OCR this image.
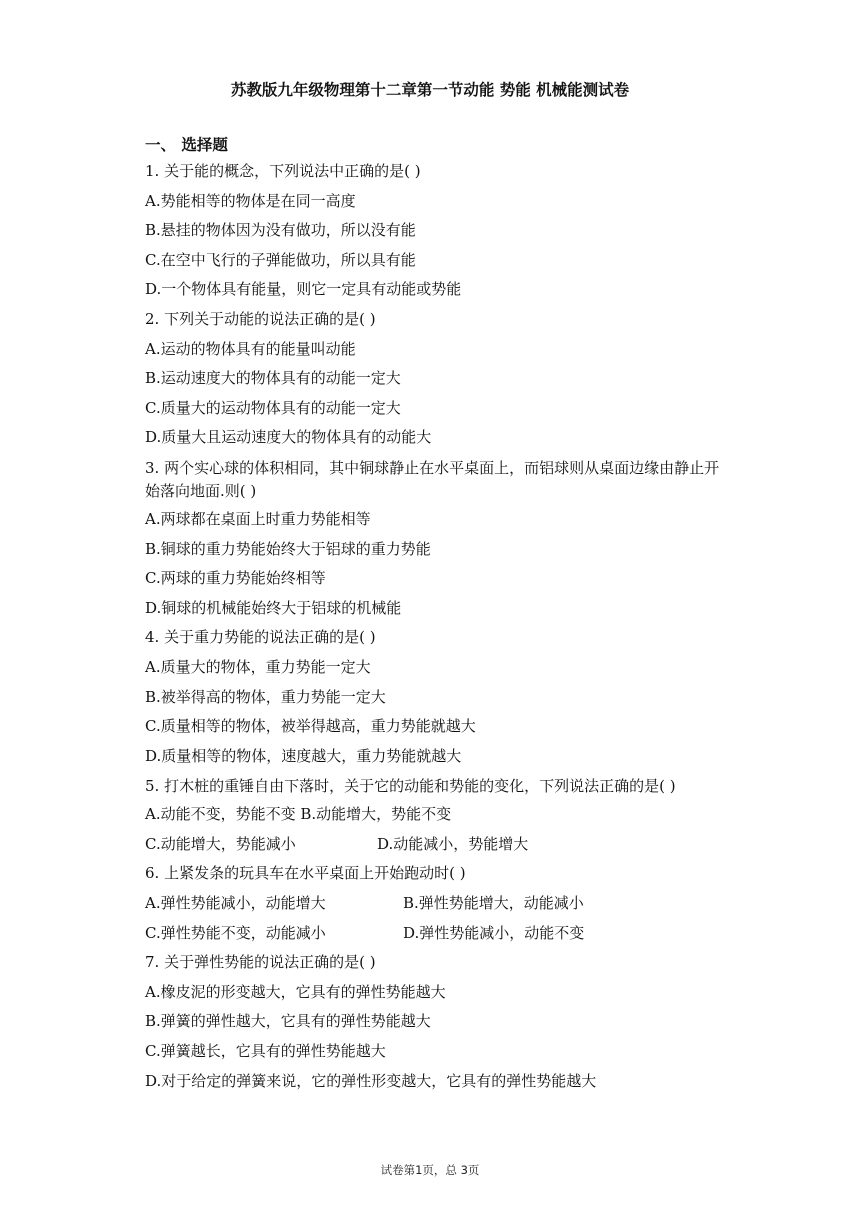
苏教版九年级物理第十二章第一节动能 势能 机械能测试卷
一、 选择题
1. 关于能的概念，下列说法中正确的是( )
A.势能相等的物体是在同一高度
B.悬挂的物体因为没有做功，所以没有能
C.在空中飞行的子弹能做功，所以具有能
D.一个物体具有能量，则它一定具有动能或势能
2. 下列关于动能的说法正确的是( )
A.运动的物体具有的能量叫动能
B.运动速度大的物体具有的动能一定大
C.质量大的运动物体具有的动能一定大
D.质量大且运动速度大的物体具有的动能大
3. 两个实心球的体积相同，其中铜球静止在水平桌面上，而铝球则从桌面边缘由静止开始落向地面.则( )
A.两球都在桌面上时重力势能相等
B.铜球的重力势能始终大于铝球的重力势能
C.两球的重力势能始终相等
D.铜球的机械能始终大于铝球的机械能
4. 关于重力势能的说法正确的是( )
A.质量大的物体，重力势能一定大
B.被举得高的物体，重力势能一定大
C.质量相等的物体，被举得越高，重力势能就越大
D.质量相等的物体，速度越大，重力势能就越大
5. 打木桩的重锤自由下落时，关于它的动能和势能的变化，下列说法正确的是( )
A.动能不变，势能不变 B.动能增大，势能不变
C.动能增大，势能减小	D.动能减小，势能增大
6. 上紧发条的玩具车在水平桌面上开始跑动时( )
A.弹性势能减小，动能增大	B.弹性势能增大，动能减小
C.弹性势能不变，动能减小	D.弹性势能减小，动能不变
7. 关于弹性势能的说法正确的是( )
A.橡皮泥的形变越大，它具有的弹性势能越大
B.弹簧的弹性越大，它具有的弹性势能越大
C.弹簧越长，它具有的弹性势能越大
D.对于给定的弹簧来说，它的弹性形变越大，它具有的弹性势能越大
试卷第1页，总 3页
